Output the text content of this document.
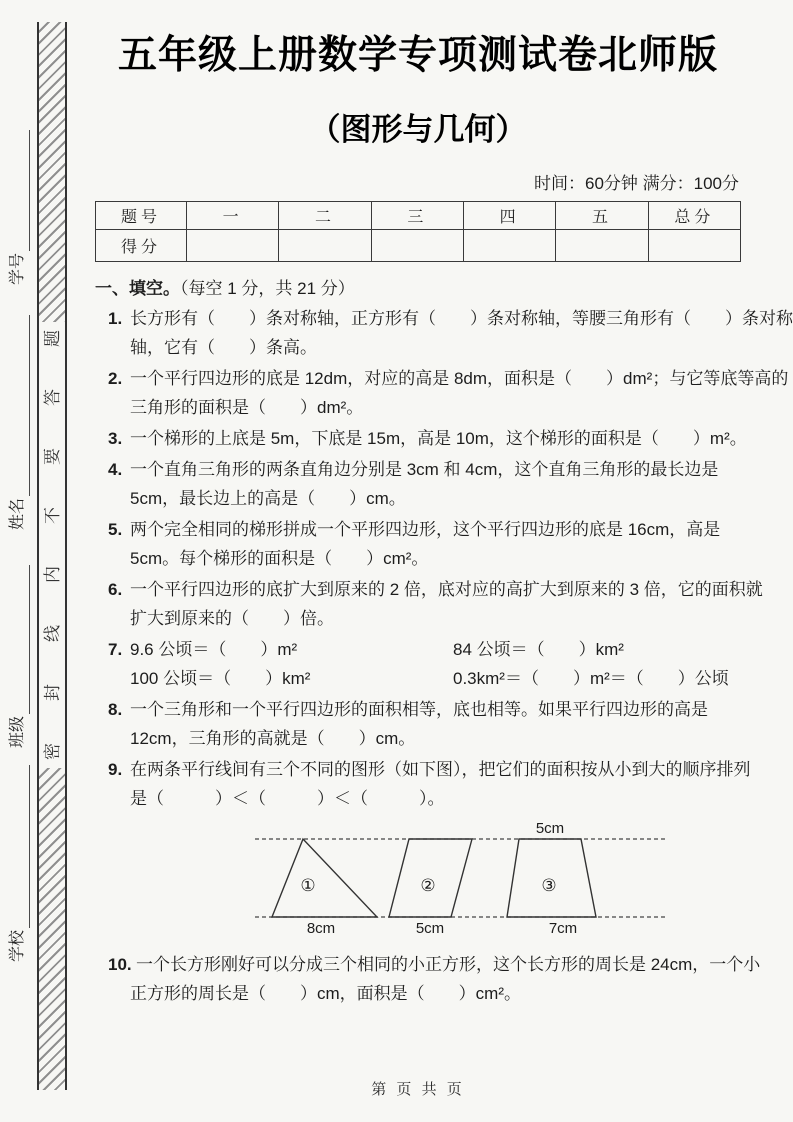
学号
姓名
班级
学校
题
答
要
不
内
线
封
密
五年级上册数学专项测试卷北师版
（图形与几何）
时间：60分钟 满分：100分
题号	一	二	三	四	五	总分
得分						
一、填空。（每空 1 分，共 21 分）
1. 长方形有（　　）条对称轴，正方形有（　　）条对称轴，等腰三角形有（　　）条对称
轴，它有（　　）条高。
2. 一个平行四边形的底是 12dm，对应的高是 8dm，面积是（　　）dm²；与它等底等高的
三角形的面积是（　　）dm²。
3. 一个梯形的上底是 5m，下底是 15m，高是 10m，这个梯形的面积是（　　）m²。
4. 一个直角三角形的两条直角边分别是 3cm 和 4cm，这个直角三角形的最长边是
5cm，最长边上的高是（　　）cm。
5. 两个完全相同的梯形拼成一个平形四边形，这个平行四边形的底是 16cm，高是
5cm。每个梯形的面积是（　　）cm²。
6. 一个平行四边形的底扩大到原来的 2 倍，底对应的高扩大到原来的 3 倍，它的面积就
扩大到原来的（　　）倍。
7. 9.6 公顷＝（　　）m²	84 公顷＝（　　）km²
100 公顷＝（　　）km²	0.3km²＝（　　）m²＝（　　）公顷
8. 一个三角形和一个平行四边形的面积相等，底也相等。如果平行四边形的高是
12cm，三角形的高就是（　　）cm。
9. 在两条平行线间有三个不同的图形（如下图），把它们的面积按从小到大的顺序排列
是（　　　）＜（　　　）＜（　　　）。
①
8cm
②
5cm
③
5cm
7cm
10. 一个长方形刚好可以分成三个相同的小正方形，这个长方形的周长是 24cm，一个小
正方形的周长是（　　）cm，面积是（　　）cm²。
第 页 共 页
